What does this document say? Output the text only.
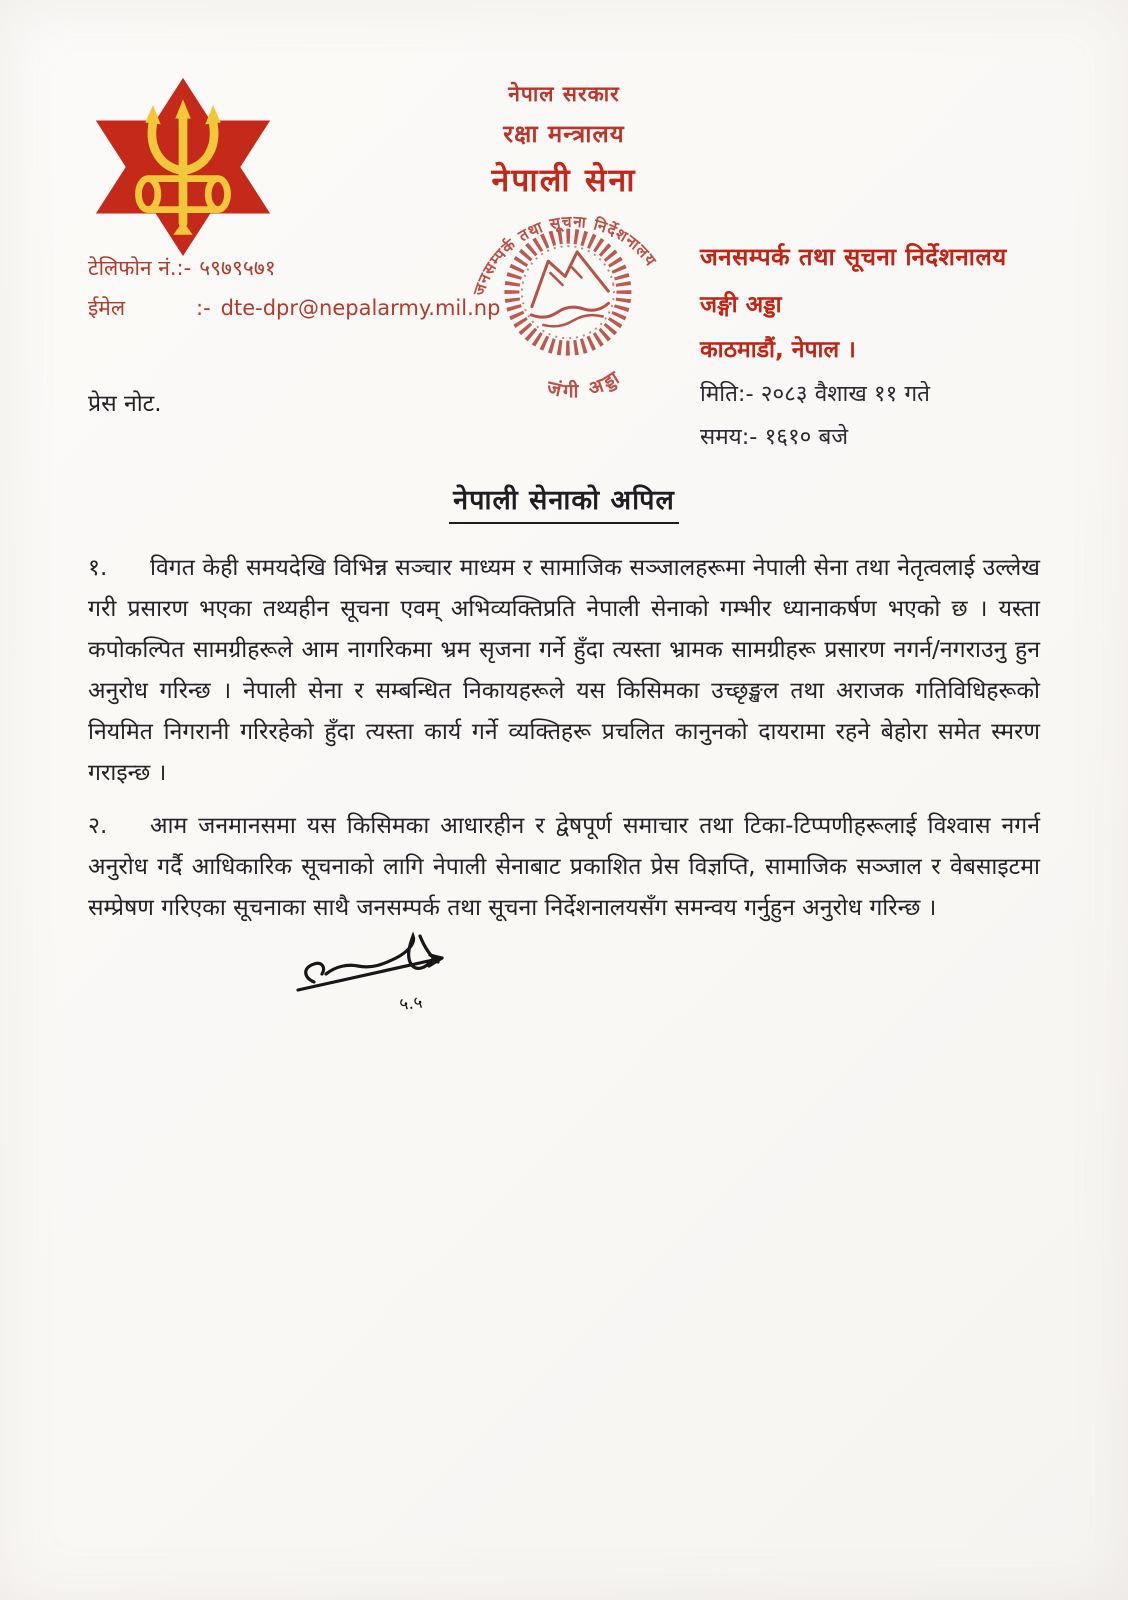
नेपाल सरकार
रक्षा मन्त्रालय
नेपाली सेना
टेलिफोन नं.:- ५९७९५७१
ईमेल	:- dte-dpr@nepalarmy.mil.np
जनसम्पर्क तथा सूचना निर्देशनालय
जंगी अड्डा
जनसम्पर्क तथा सूचना निर्देशनालय
जङ्गी अड्डा
काठमाडौं, नेपाल ।
मिति:- २०८३ वैशाख ११ गते
समय:- १६१० बजे
प्रेस नोट.
नेपाली सेनाको अपिल
१. विगत केही समयदेखि विभिन्न सञ्चार माध्यम र सामाजिक सञ्जालहरूमा नेपाली सेना तथा नेतृत्वलाई उल्लेख गरी प्रसारण भएका तथ्यहीन सूचना एवम् अभिव्यक्तिप्रति नेपाली सेनाको गम्भीर ध्यानाकर्षण भएको छ । यस्ता कपोकल्पित सामग्रीहरूले आम नागरिकमा भ्रम सृजना गर्ने हुँदा त्यस्ता भ्रामक सामग्रीहरू प्रसारण नगर्न/नगराउनु हुन अनुरोध गरिन्छ । नेपाली सेना र सम्बन्धित निकायहरूले यस किसिमका उच्छृङ्खल तथा अराजक गतिविधिहरूको नियमित निगरानी गरिरहेको हुँदा त्यस्ता कार्य गर्ने व्यक्तिहरू प्रचलित कानुनको दायरामा रहने बेहोरा समेत स्मरण गराइन्छ ।
२. आम जनमानसमा यस किसिमका आधारहीन र द्वेषपूर्ण समाचार तथा टिका-टिप्पणीहरूलाई विश्वास नगर्न अनुरोध गर्दै आधिकारिक सूचनाको लागि नेपाली सेनाबाट प्रकाशित प्रेस विज्ञप्ति, सामाजिक सञ्जाल र वेबसाइटमा सम्प्रेषण गरिएका सूचनाका साथै जनसम्पर्क तथा सूचना निर्देशनालयसँग समन्वय गर्नुहुन अनुरोध गरिन्छ ।
५.५
